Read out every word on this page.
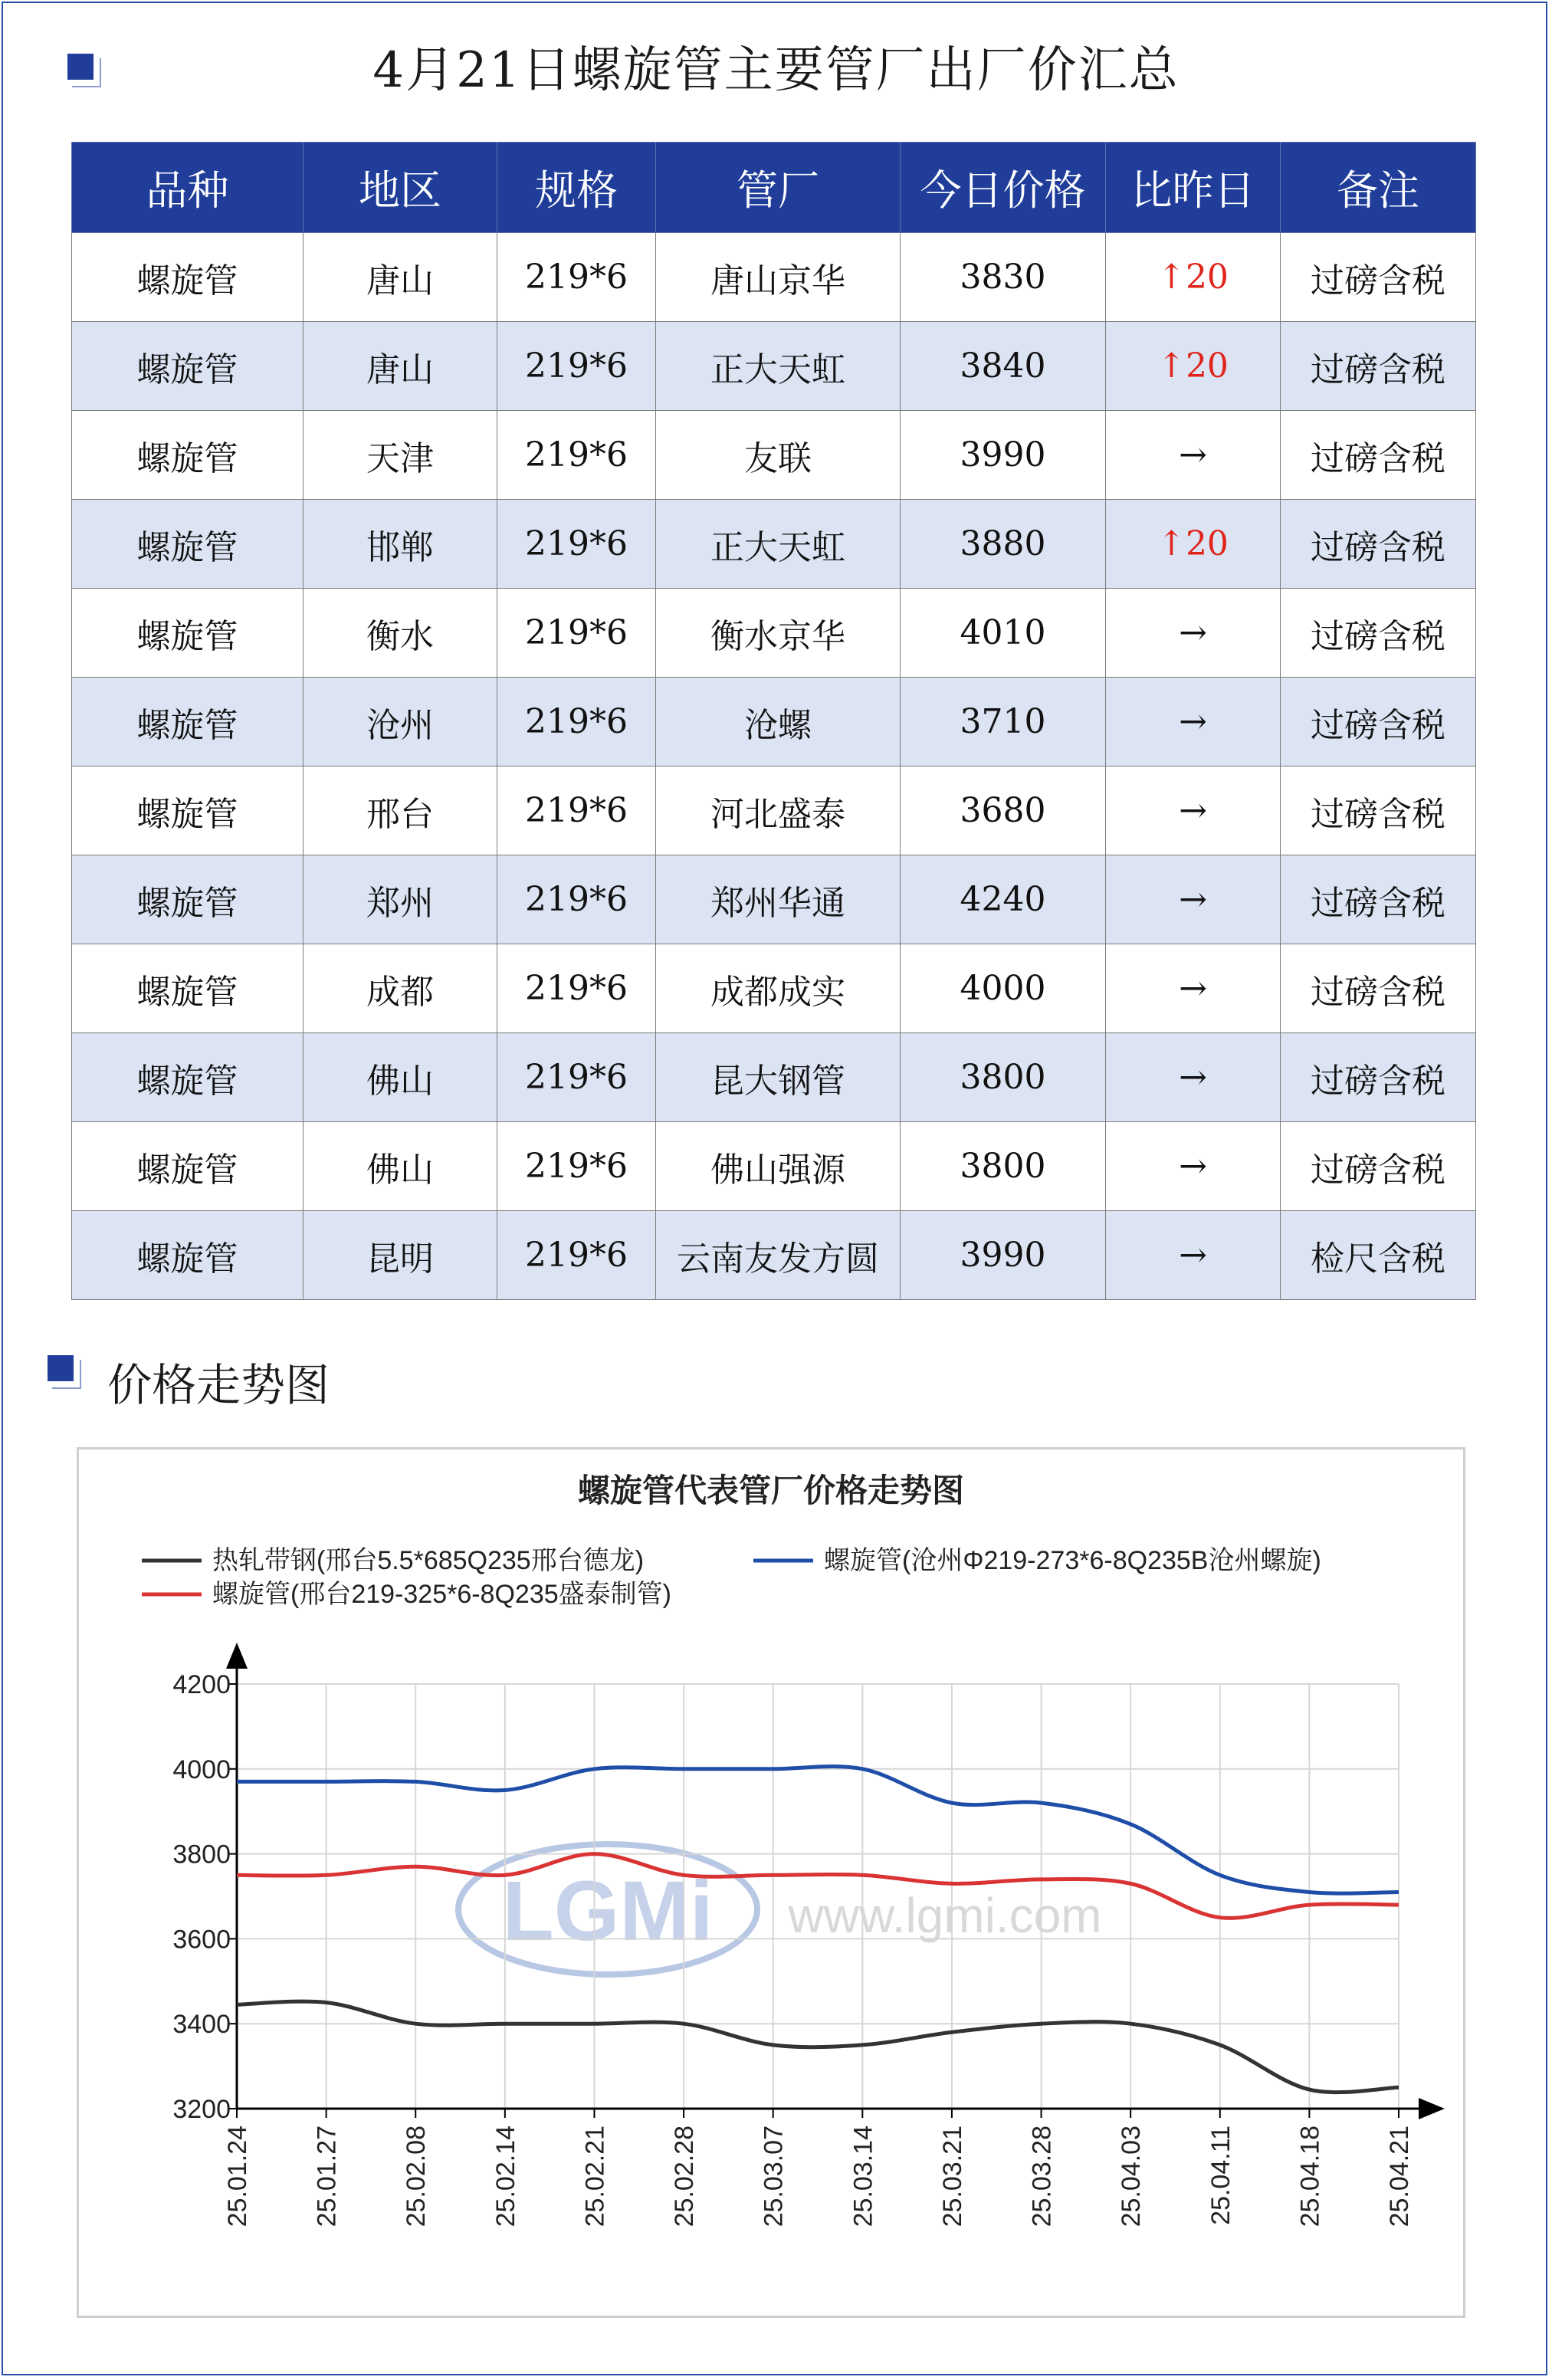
4月21日螺旋管主要管厂出厂价汇总
品种	地区	规格	管厂	今日价格	比昨日	备注
螺旋管	唐山	219*6	唐山京华	3830	↑20	过磅含税
螺旋管	唐山	219*6	正大天虹	3840	↑20	过磅含税
螺旋管	天津	219*6	友联	3990	→	过磅含税
螺旋管	邯郸	219*6	正大天虹	3880	↑20	过磅含税
螺旋管	衡水	219*6	衡水京华	4010	→	过磅含税
螺旋管	沧州	219*6	沧螺	3710	→	过磅含税
螺旋管	邢台	219*6	河北盛泰	3680	→	过磅含税
螺旋管	郑州	219*6	郑州华通	4240	→	过磅含税
螺旋管	成都	219*6	成都成实	4000	→	过磅含税
螺旋管	佛山	219*6	昆大钢管	3800	→	过磅含税
螺旋管	佛山	219*6	佛山强源	3800	→	过磅含税
螺旋管	昆明	219*6	云南友发方圆	3990	→	检尺含税
价格走势图
LGMi www.lgmi.com
螺旋管代表管厂价格走势图
热轧带钢(邢台5.5*685Q235邢台德龙)	螺旋管(沧州Φ219-273*6-8Q235B沧州螺旋)
螺旋管(邢台219-325*6-8Q235盛泰制管)
3200
3400
3600
3800
4000
4200
25.01.24 25.01.27 25.02.08 25.02.14 25.02.21 25.02.28 25.03.07 25.03.14 25.03.21 25.03.28 25.04.03 25.04.11 25.04.18 25.04.21
